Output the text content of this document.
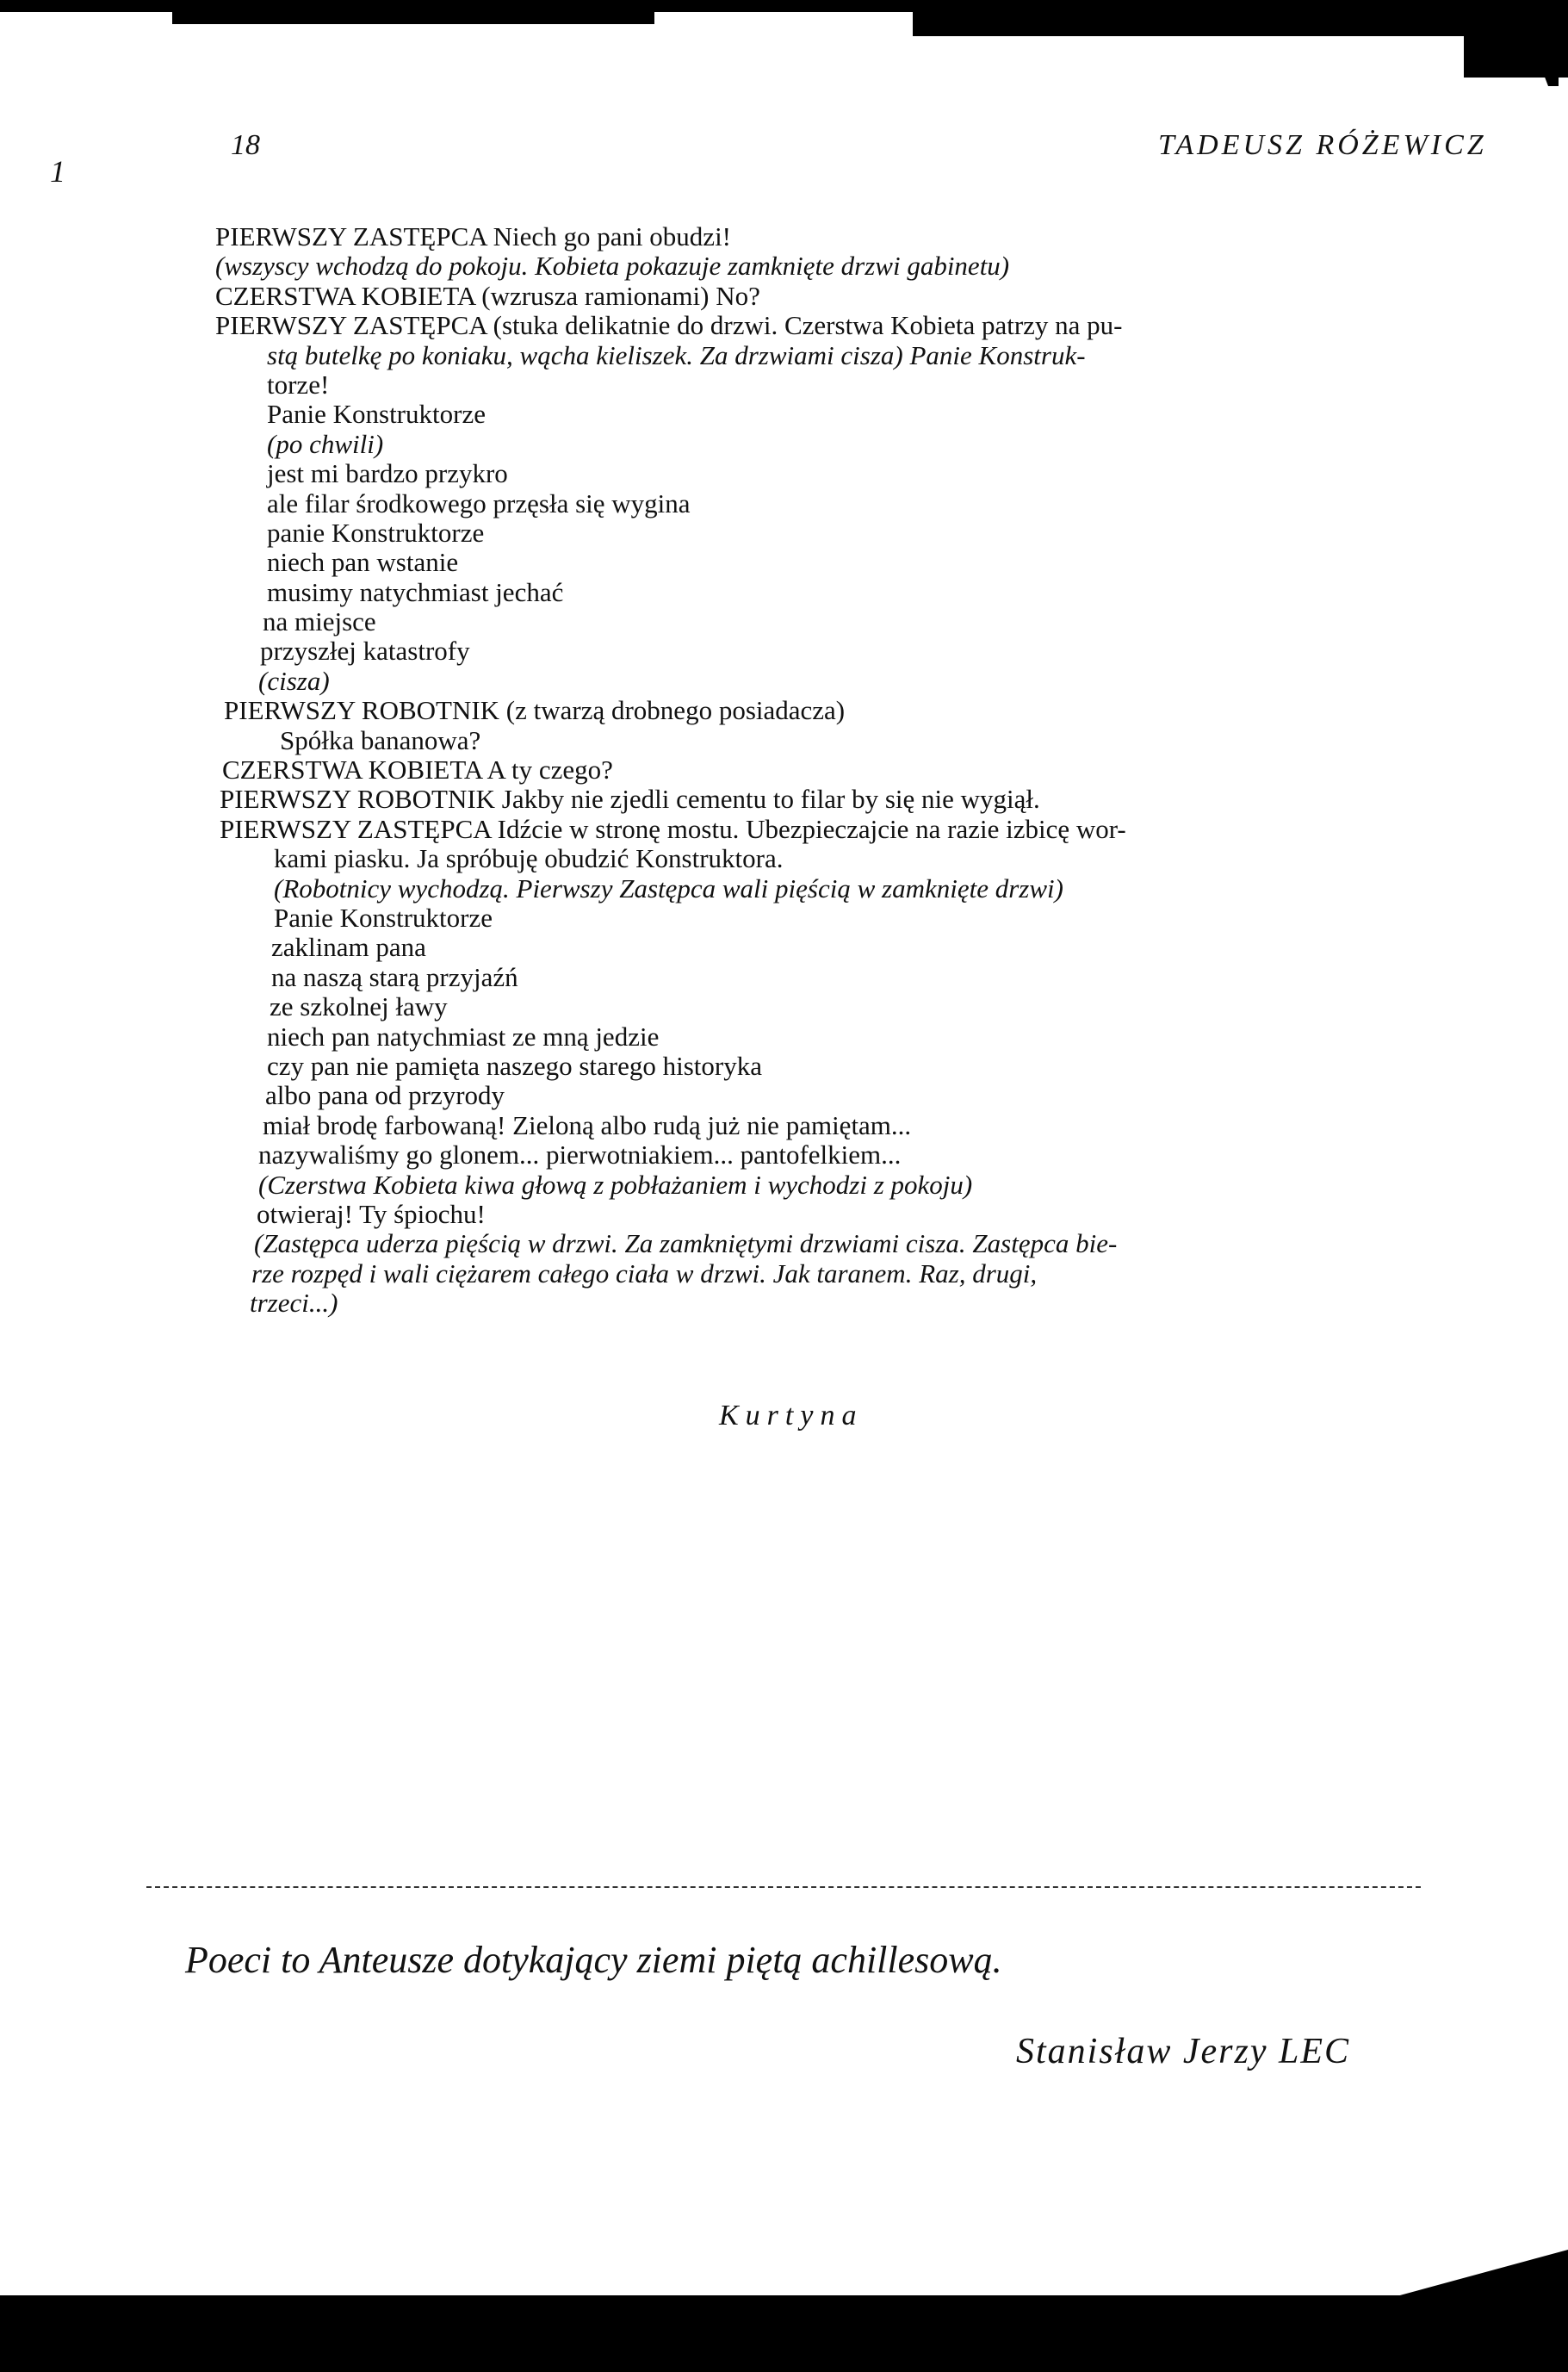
1
18	TADEUSZ RÓŻEWICZ
PIERWSZY ZASTĘPCA Niech go pani obudzi!
(wszyscy wchodzą do pokoju. Kobieta pokazuje zamknięte drzwi gabinetu)
CZERSTWA KOBIETA (wzrusza ramionami) No?
PIERWSZY ZASTĘPCA (stuka delikatnie do drzwi. Czerstwa Kobieta patrzy na pu-
stą butelkę po koniaku, wącha kieliszek. Za drzwiami cisza) Panie Konstruk-
torze!
Panie Konstruktorze
(po chwili)
jest mi bardzo przykro
ale filar środkowego przęsła się wygina
panie Konstruktorze
niech pan wstanie
musimy natychmiast jechać
na miejsce
przyszłej katastrofy
(cisza)
PIERWSZY ROBOTNIK (z twarzą drobnego posiadacza)
Spółka bananowa?
CZERSTWA KOBIETA A ty czego?
PIERWSZY ROBOTNIK Jakby nie zjedli cementu to filar by się nie wygiął.
PIERWSZY ZASTĘPCA Idźcie w stronę mostu. Ubezpieczajcie na razie izbicę wor-
kami piasku. Ja spróbuję obudzić Konstruktora.
(Robotnicy wychodzą. Pierwszy Zastępca wali pięścią w zamknięte drzwi)
Panie Konstruktorze
zaklinam pana
na naszą starą przyjaźń
ze szkolnej ławy
niech pan natychmiast ze mną jedzie
czy pan nie pamięta naszego starego historyka
albo pana od przyrody
miał brodę farbowaną! Zieloną albo rudą już nie pamiętam...
nazywaliśmy go glonem... pierwotniakiem... pantofelkiem...
(Czerstwa Kobieta kiwa głową z pobłażaniem i wychodzi z pokoju)
otwieraj! Ty śpiochu!
(Zastępca uderza pięścią w drzwi. Za zamkniętymi drzwiami cisza. Zastępca bie-
rze rozpęd i wali ciężarem całego ciała w drzwi. Jak taranem. Raz, drugi,
trzeci...)
Kurtyna
Poeci to Anteusze dotykający ziemi piętą achillesową.
Stanisław Jerzy LEC
